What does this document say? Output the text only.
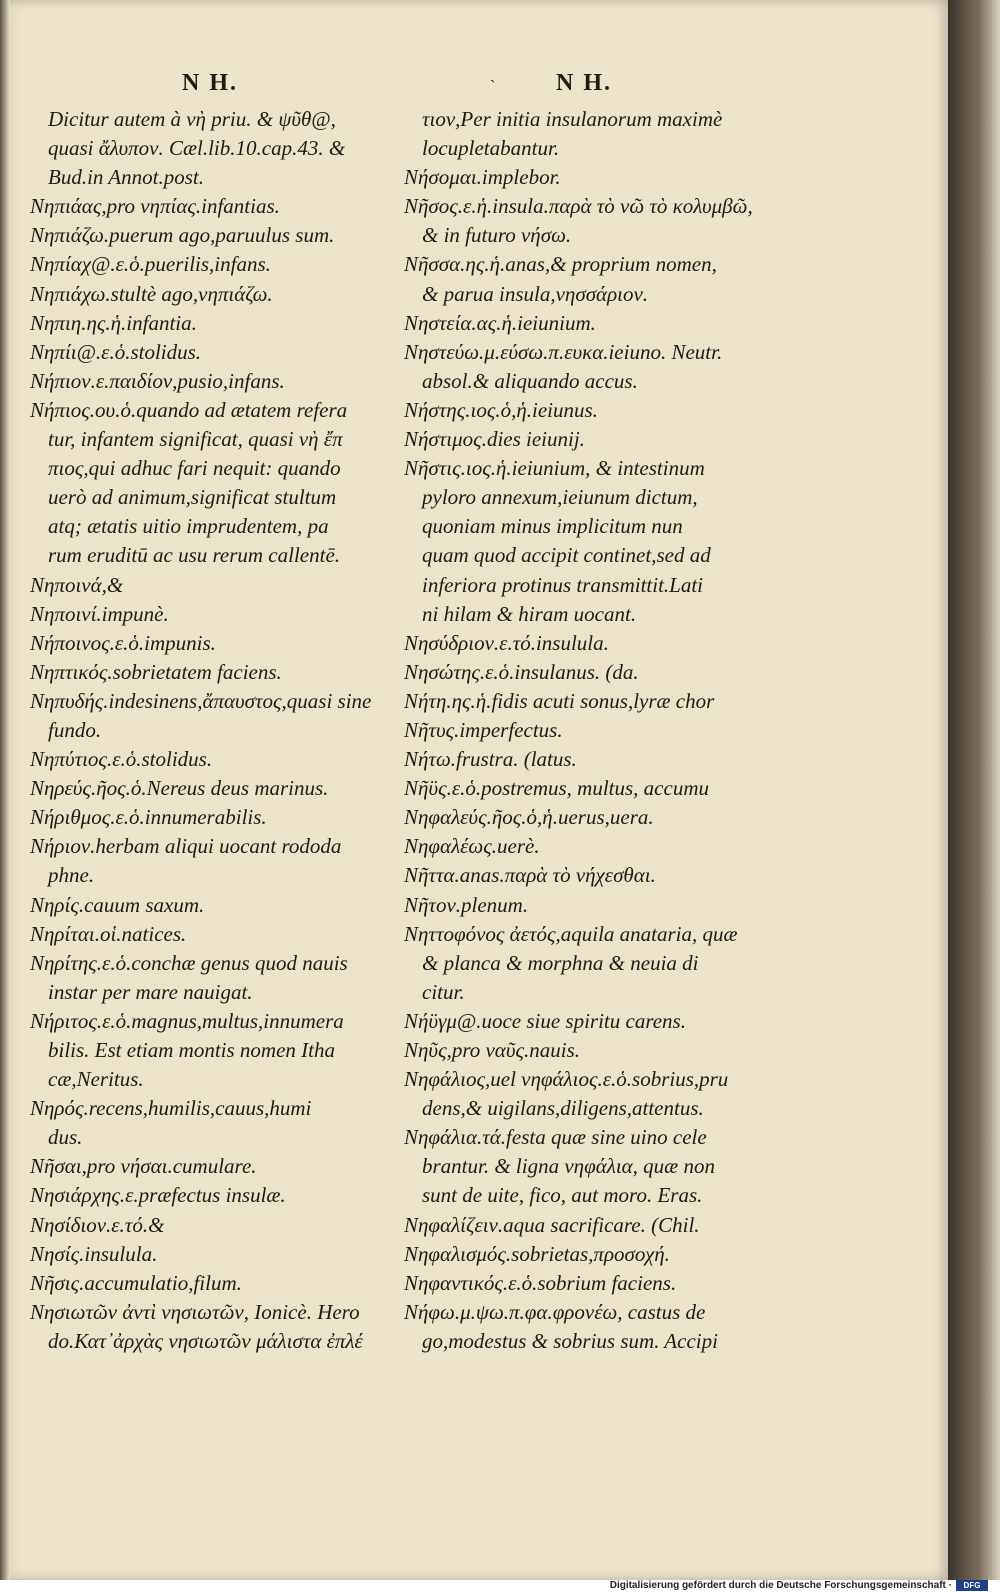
N H.	ˎ	N H.
Dicitur autem à νὴ priu. & ψῦθ@,
quasi ἄλυπον. Cæl.lib.10.cap.43. &
Bud.in Annot.post.
Νηπιάας,pro νηπίας.infantias.
Νηπιάζω.puerum ago,paruulus sum.
Νηπίαχ@.ε.ὁ.puerilis,infans.
Νηπιάχω.stultè ago,νηπιάζω.
Νηπιη.ης.ἡ.infantia.
Νηπίι@.ε.ὁ.stolidus.
Νήπιον.ε.παιδίον,pusio,infans.
Νήπιος.ου.ὁ.quando ad ætatem refera
tur, infantem significat, quasi νὴ ἔπ
πιος,qui adhuc fari nequit: quando
uerò ad animum,significat stultum
atq; ætatis uitio imprudentem, pa
rum eruditū ac usu rerum callentē.
Νηποινά,&
Νηποινί.impunè.
Νήποινος.ε.ὁ.impunis.
Νηπτικός.sobrietatem faciens.
Νηπυδής.indesinens,ἄπαυστος,quasi sine
fundo.
Νηπύτιος.ε.ὁ.stolidus.
Νηρεύς.ῆος.ὁ.Nereus deus marinus.
Νήριθμος.ε.ὁ.innumerabilis.
Νήριον.herbam aliqui uocant rododa
phne.
Νηρίς.cauum saxum.
Νηρίται.οἱ.natices.
Νηρίτης.ε.ὁ.conchæ genus quod nauis
instar per mare nauigat.
Νήριτος.ε.ὁ.magnus,multus,innumera
bilis. Est etiam montis nomen Itha
cæ,Neritus.
Νηρός.recens,humilis,cauus,humi
dus.
Νῆσαι,pro νήσαι.cumulare.
Νησιάρχης.ε.præfectus insulæ.
Νησίδιον.ε.τό.&
Νησίς.insulula.
Νῆσις.accumulatio,filum.
Νησιωτῶν ἀντὶ νησιωτῶν, Ionicè. Hero
do.Κατ᾽ἀρχὰς νησιωτῶν μάλιστα ἐπλέ
τιον,Per initia insulanorum maximè
locupletabantur.
Νήσομαι.implebor.
Νῆσος.ε.ἡ.insula.παρὰ τὸ νῶ τὸ κολυμβῶ,
& in futuro νήσω.
Νῆσσα.ης.ἡ.anas,& proprium nomen,
& parua insula,νησσάριον.
Νηστεία.ας.ἡ.ieiunium.
Νηστεύω.μ.εύσω.π.ευκα.ieiuno. Neutr.
absol.& aliquando accus.
Νήστης.ιος.ὁ,ἡ.ieiunus.
Νήστιμος.dies ieiunij.
Νῆστις.ιος.ἡ.ieiunium, & intestinum
pyloro annexum,ieiunum dictum,
quoniam minus implicitum nun
quam quod accipit continet,sed ad
inferiora protinus transmittit.Lati
ni hilam & hiram uocant.
Νησύδριον.ε.τό.insulula.
Νησώτης.ε.ὁ.insulanus. (da.
Νήτη.ης.ἡ.fidis acuti sonus,lyræ chor
Νῆτυς.imperfectus.
Νήτω.frustra. (latus.
Νῆϋς.ε.ὁ.postremus, multus, accumu
Νηφαλεύς.ῆος.ὁ,ἡ.uerus,uera.
Νηφαλέως.uerè.
Νῆττα.anas.παρὰ τὸ νήχεσθαι.
Νῆτον.plenum.
Νηττοφόνος ἀετός,aquila anataria, quæ
& planca & morphna & neuia di
citur.
Νήϋγμ@.uoce siue spiritu carens.
Νηῦς,pro ναῦς.nauis.
Νηφάλιος,uel νηφάλιος.ε.ὁ.sobrius,pru
dens,& uigilans,diligens,attentus.
Νηφάλια.τά.festa quæ sine uino cele
brantur. & ligna νηφάλια, quæ non
sunt de uite, fico, aut moro. Eras.
Νηφαλίζειν.aqua sacrificare. (Chil.
Νηφαλισμός.sobrietas,προσοχή.
Νηφαντικός.ε.ὁ.sobrium faciens.
Νήφω.μ.ψω.π.φα.φρονέω, castus de
go,modestus & sobrius sum. Accipi
Digitalisierung gefördert durch die Deutsche Forschungsgemeinschaft ·	DFG
